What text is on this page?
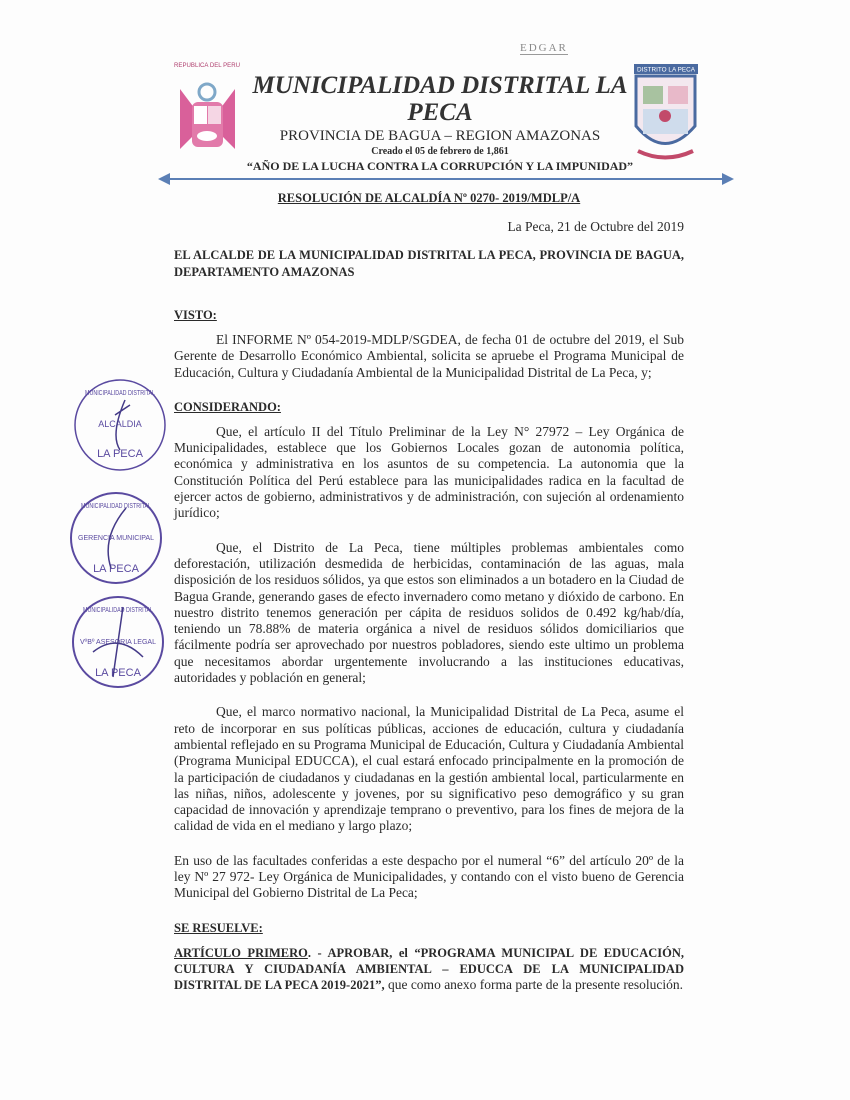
EDGAR
REPUBLICA DEL PERU
DISTRITO LA PECA
MUNICIPALIDAD DISTRITAL LA PECA
PROVINCIA DE BAGUA – REGION AMAZONAS
Creado el 05 de febrero de 1,861
“AÑO DE LA LUCHA CONTRA LA CORRUPCIÓN Y LA IMPUNIDAD”
RESOLUCIÓN DE ALCALDÍA Nº 0270- 2019/MDLP/A
La Peca, 21 de Octubre del 2019
EL ALCALDE DE LA MUNICIPALIDAD DISTRITAL LA PECA, PROVINCIA DE BAGUA, DEPARTAMENTO AMAZONAS
VISTO:
El INFORME Nº 054-2019-MDLP/SGDEA, de fecha 01 de octubre del 2019, el Sub Gerente de Desarrollo Económico Ambiental, solicita se apruebe el Programa Municipal de Educación, Cultura y Ciudadanía Ambiental de la Municipalidad Distrital de La Peca, y;
CONSIDERANDO:
Que, el artículo II del Título Preliminar de la Ley N° 27972 – Ley Orgánica de Municipalidades, establece que los Gobiernos Locales gozan de autonomia política, económica y administrativa en los asuntos de su competencia. La autonomia que la Constitución Política del Perú establece para las municipalidades radica en la facultad de ejercer actos de gobierno, administrativos y de administración, con sujeción al ordenamiento jurídico;
Que, el Distrito de La Peca, tiene múltiples problemas ambientales como deforestación, utilización desmedida de herbicidas, contaminación de las aguas, mala disposición de los residuos sólidos, ya que estos son eliminados a un botadero en la Ciudad de Bagua Grande, generando gases de efecto invernadero como metano y dióxido de carbono. En nuestro distrito tenemos generación per cápita de residuos solidos de 0.492 kg/hab/día, teniendo un 78.88% de materia orgánica a nivel de residuos sólidos domiciliarios que fácilmente podría ser aprovechado por nuestros pobladores, siendo este ultimo un problema que necesitamos abordar urgentemente involucrando a las instituciones educativas, autoridades y población en general;
Que, el marco normativo nacional, la Municipalidad Distrital de La Peca, asume el reto de incorporar en sus políticas públicas, acciones de educación, cultura y ciudadanía ambiental reflejado en su Programa Municipal de Educación, Cultura y Ciudadanía Ambiental (Programa Municipal EDUCCA), el cual estará enfocado principalmente en la promoción de la participación de ciudadanos y ciudadanas en la gestión ambiental local, particularmente en las niñas, niños, adolescente y jovenes, por su significativo peso demográfico y su gran capacidad de innovación y aprendizaje temprano o preventivo, para los fines de mejora de la calidad de vida en el mediano y largo plazo;
En uso de las facultades conferidas a este despacho por el numeral “6” del artículo 20º de la ley Nº 27 972- Ley Orgánica de Municipalidades, y contando con el visto bueno de Gerencia Municipal del Gobierno Distrital de La Peca;
SE RESUELVE:
ARTÍCULO PRIMERO. - APROBAR, el “PROGRAMA MUNICIPAL DE EDUCACIÓN, CULTURA Y CIUDADANÍA AMBIENTAL – EDUCCA DE LA MUNICIPALIDAD DISTRITAL DE LA PECA 2019-2021”, que como anexo forma parte de la presente resolución.
MUNICIPALIDAD DISTRITAL
ALCALDIA
LA PECA
MUNICIPALIDAD DISTRITAL
GERENCIA MUNICIPAL
LA PECA
MUNICIPALIDAD DISTRITAL
VºBº ASESORIA LEGAL
LA PECA
